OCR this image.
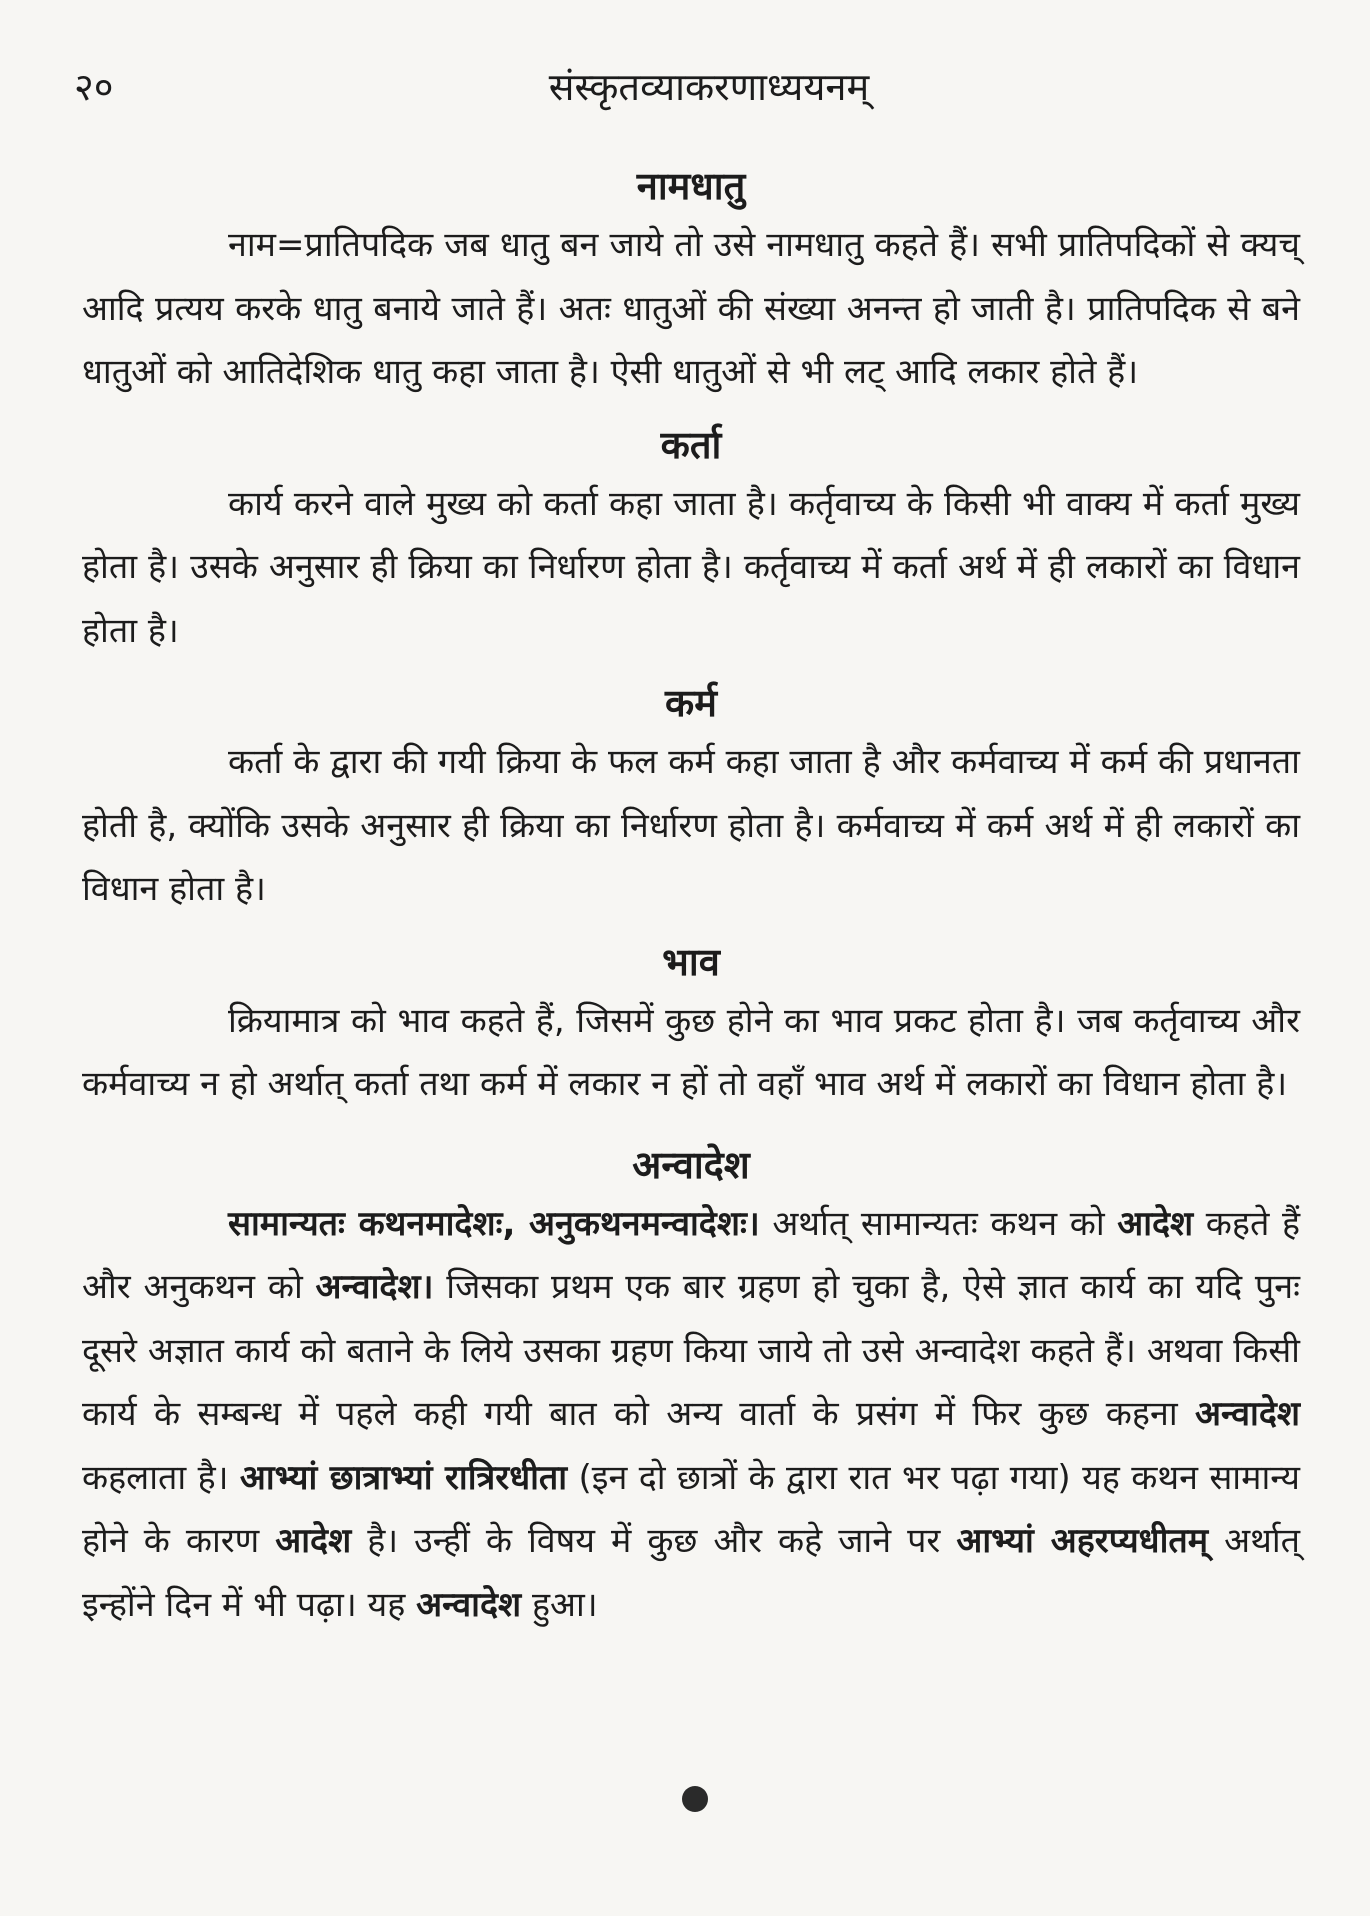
२०	संस्कृतव्याकरणाध्ययनम्
नामधातु

नाम=प्रातिपदिक जब धातु बन जाये तो उसे नामधातु कहते हैं। सभी प्रातिपदिकों से क्यच् आदि प्रत्यय करके धातु बनाये जाते हैं। अतः धातुओं की संख्या अनन्त हो जाती है। प्रातिपदिक से बने धातुओं को आतिदेशिक धातु कहा जाता है। ऐसी धातुओं से भी लट् आदि लकार होते हैं।

कर्ता

कार्य करने वाले मुख्य को कर्ता कहा जाता है। कर्तृवाच्य के किसी भी वाक्य में कर्ता मुख्य होता है। उसके अनुसार ही क्रिया का निर्धारण होता है। कर्तृवाच्य में कर्ता अर्थ में ही लकारों का विधान होता है।

कर्म

कर्ता के द्वारा की गयी क्रिया के फल कर्म कहा जाता है और कर्मवाच्य में कर्म की प्रधानता होती है, क्योंकि उसके अनुसार ही क्रिया का निर्धारण होता है। कर्मवाच्य में कर्म अर्थ में ही लकारों का विधान होता है।

भाव

क्रियामात्र को भाव कहते हैं, जिसमें कुछ होने का भाव प्रकट होता है। जब कर्तृवाच्य और कर्मवाच्य न हो अर्थात् कर्ता तथा कर्म में लकार न हों तो वहाँ भाव अर्थ में लकारों का विधान होता है।

अन्वादेश

सामान्यतः कथनमादेशः, अनुकथनमन्वादेशः। अर्थात् सामान्यतः कथन को आदेश कहते हैं और अनुकथन को अन्वादेश। जिसका प्रथम एक बार ग्रहण हो चुका है, ऐसे ज्ञात कार्य का यदि पुनः दूसरे अज्ञात कार्य को बताने के लिये उसका ग्रहण किया जाये तो उसे अन्वादेश कहते हैं। अथवा किसी कार्य के सम्बन्ध में पहले कही गयी बात को अन्य वार्ता के प्रसंग में फिर कुछ कहना अन्वादेश कहलाता है। आभ्यां छात्राभ्यां रात्रिरधीता (इन दो छात्रों के द्वारा रात भर पढ़ा गया) यह कथन सामान्य होने के कारण आदेश है। उन्हीं के विषय में कुछ और कहे जाने पर आभ्यां अहरप्यधीतम् अर्थात् इन्होंने दिन में भी पढ़ा। यह अन्वादेश हुआ।
